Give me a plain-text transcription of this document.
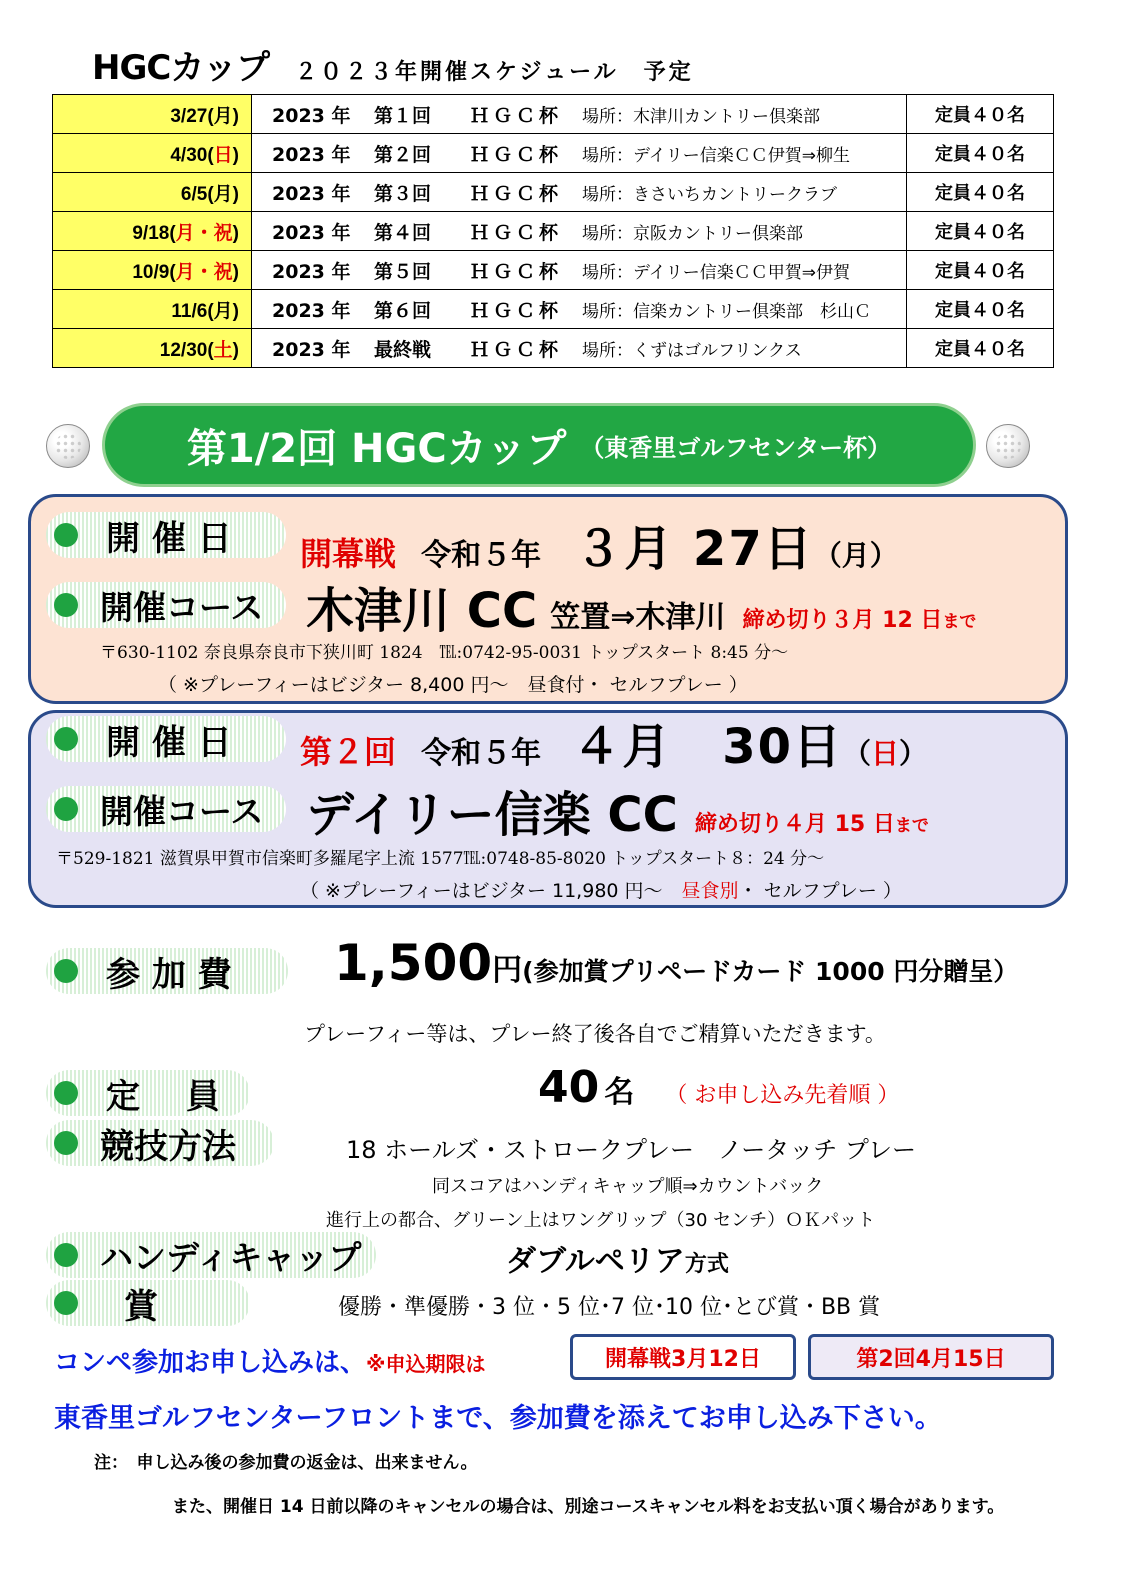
HGCカップ ２０２３年開催スケジュール　予定
3/27(月)	2023 年 第１回 ＨＧＣ杯 場所：木津川カントリー倶楽部	定員４０名
4/30(日)	2023 年 第２回 ＨＧＣ杯 場所：デイリー信楽ＣＣ伊賀⇒柳生	定員４０名
6/5(月)	2023 年 第３回 ＨＧＣ杯 場所：きさいちカントリークラブ	定員４０名
9/18(月・祝)	2023 年 第４回 ＨＧＣ杯 場所：京阪カントリー倶楽部	定員４０名
10/9(月・祝)	2023 年 第５回 ＨＧＣ杯 場所：デイリー信楽ＣＣ甲賀⇒伊賀	定員４０名
11/6(月)	2023 年 第６回 ＨＧＣ杯 場所：信楽カントリー倶楽部　杉山Ｃ	定員４０名
12/30(土)	2023 年 最終戦 ＨＧＣ杯 場所：くずはゴルフリンクス	定員４０名
第1/2回 HGCカップ （東香里ゴルフセンター杯）
開 催 日 開幕戦 令和５年 ３月 27日（月）
開催コース 木津川 CC 笠置⇒木津川 締め切り３月 12 日まで
〒630-1102 奈良県奈良市下狭川町 1824　℡:0742-95-0031 トップスタート 8:45 分～
（ ※プレーフィーはビジター 8,400 円～　昼食付・ セルフプレー ）
開 催 日 第２回 令和５年 ４月　30日（日）
開催コース デイリー信楽 CC 締め切り４月 15 日まで
〒529-1821 滋賀県甲賀市信楽町多羅尾字上流 1577℡:0748-85-8020 トップスタート８：24 分～
（ ※プレーフィーはビジター 11,980 円～　 昼食別・ セルフプレー ）
参 加 費 1,500円(参加賞プリペードカード 1000 円分贈呈）
プレーフィー等は、プレー終了後各自でご精算いただきます。
定　 員	40 名 （ お申し込み先着順 ）
競技方法	18 ホールズ・ストロークプレー　ノータッチ プレー
同スコアはハンディキャップ順⇒カウントバック
進行上の都合、グリーン上はワングリップ（30 センチ）ＯＫパット
ハンディキャップ	ダブルペリア方式
賞	優勝・準優勝・3 位・5 位･7 位･10 位･とび賞・BB 賞
コンペ参加お申し込みは、※申込期限は	開幕戦3月12日	第2回4月15日
東香里ゴルフセンターフロントまで、参加費を添えてお申し込み下さい。
注：　申し込み後の参加費の返金は、出来ません。
また、開催日 14 日前以降のキャンセルの場合は、別途コースキャンセル料をお支払い頂く場合があります。
